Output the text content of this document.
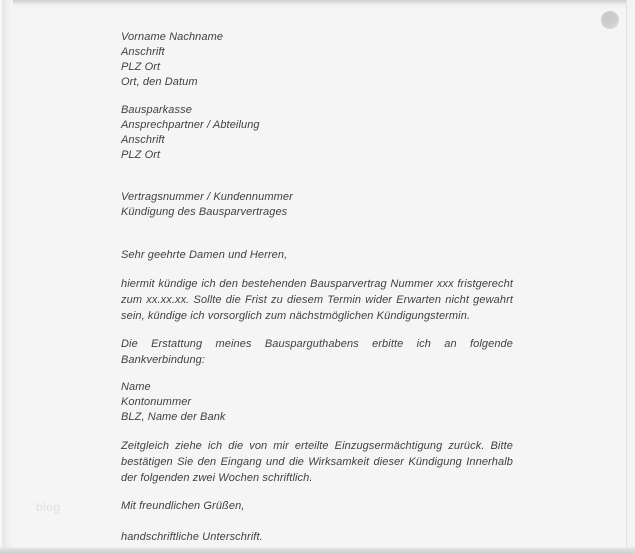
blog

Vorname Nachname

Anschrift

PLZ Ort

Ort, den Datum

Bausparkasse

Ansprechpartner / Abteilung

Anschrift

PLZ Ort

Vertragsnummer / Kundennummer

Kündigung des Bausparvertrages

Sehr geehrte Damen und Herren,

hiermit kündige ich den bestehenden Bausparvertrag Nummer xxx fristgerecht zum xx.xx.xx. Sollte die Frist zu diesem Termin wider Erwarten nicht gewahrt sein, kündige ich vorsorglich zum nächstmöglichen Kündigungstermin.

Die Erstattung meines Bausparguthabens erbitte ich an folgende Bankverbindung:

Name

Kontonummer

BLZ, Name der Bank

Zeitgleich ziehe ich die von mir erteilte Einzugsermächtigung zurück. Bitte bestätigen Sie den Eingang und die Wirksamkeit dieser Kündigung Innerhalb der folgenden zwei Wochen schriftlich.

Mit freundlichen Grüßen,

handschriftliche Unterschrift.
